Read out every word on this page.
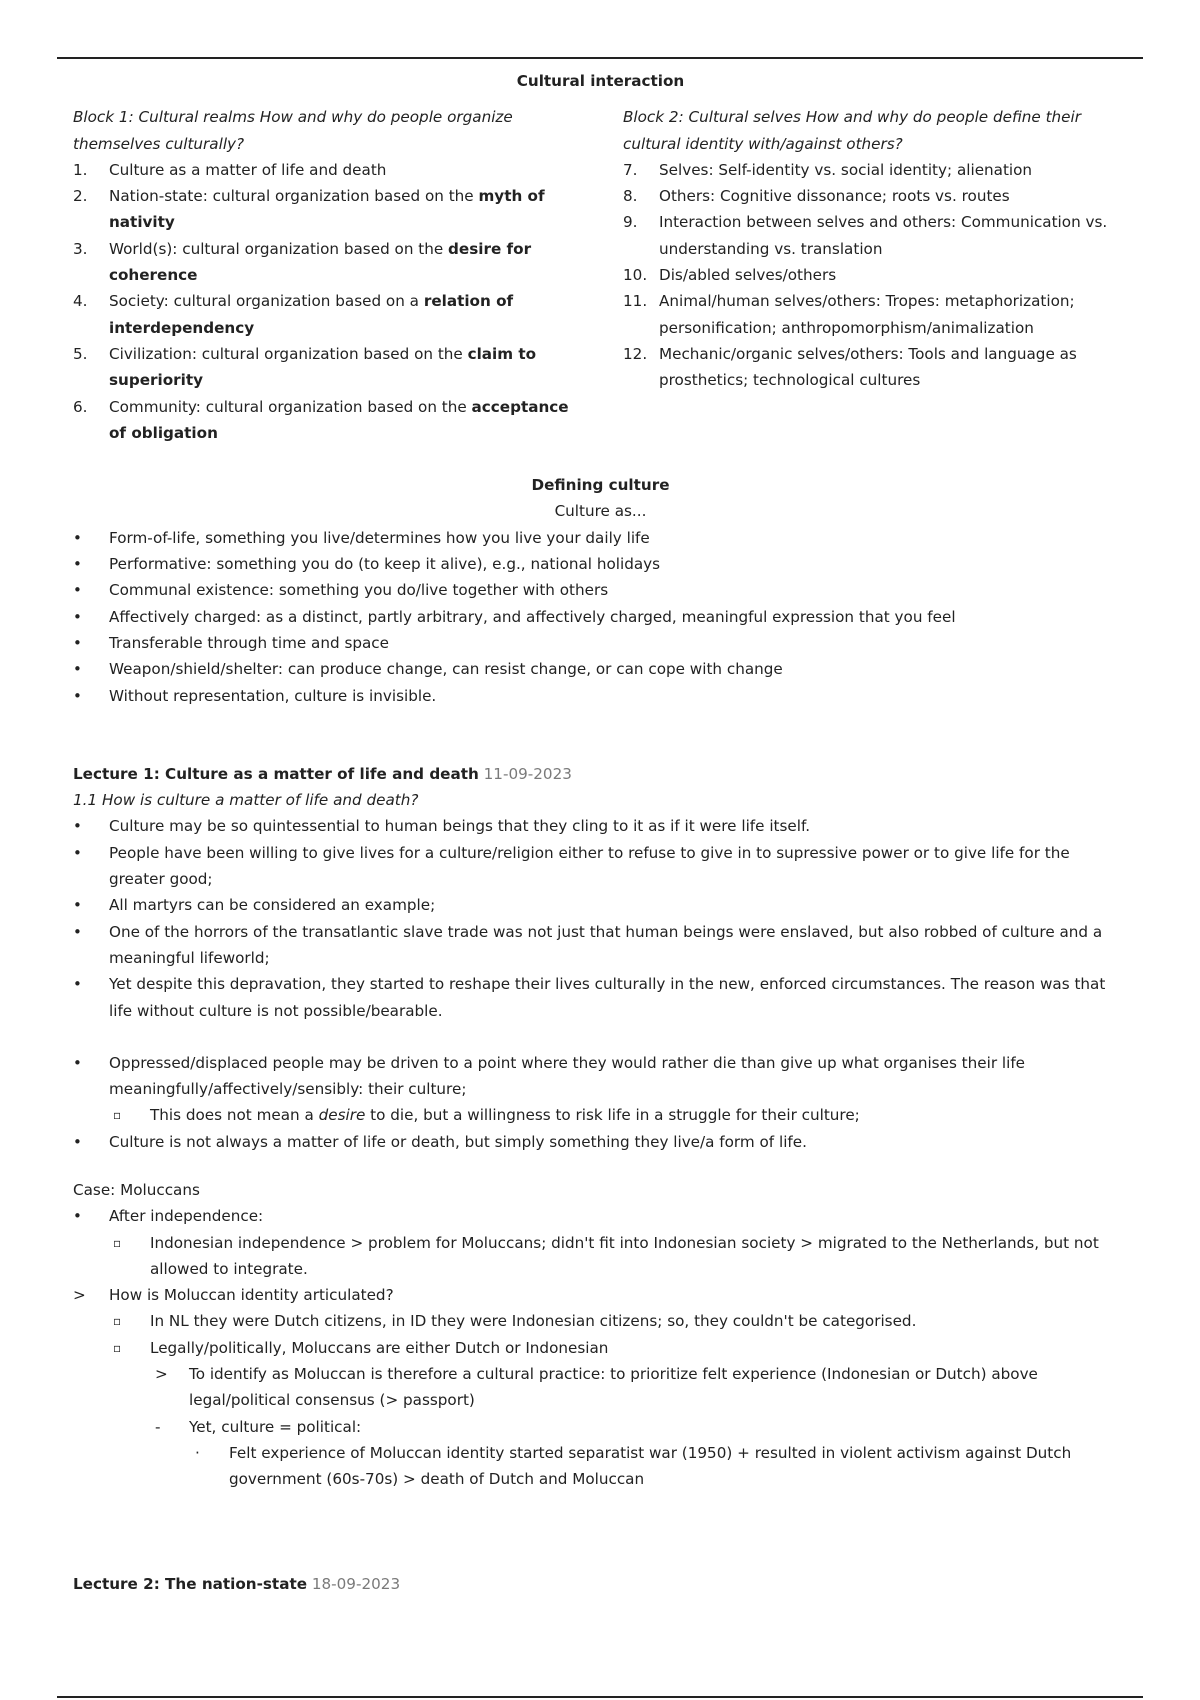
Cultural interaction
Block 1: Cultural realms How and why do people organize themselves culturally?
1. Culture as a matter of life and death
2. Nation-state: cultural organization based on the myth of nativity
3. World(s): cultural organization based on the desire for coherence
4. Society: cultural organization based on a relation of interdependency
5. Civilization: cultural organization based on the claim to superiority
6. Community: cultural organization based on the acceptance of obligation
Block 2: Cultural selves How and why do people define their cultural identity with/against others?
7. Selves: Self-identity vs. social identity; alienation
8. Others: Cognitive dissonance; roots vs. routes
9. Interaction between selves and others: Communication vs. understanding vs. translation
10. Dis/abled selves/others
11. Animal/human selves/others: Tropes: metaphorization; personification; anthropomorphism/animalization
12. Mechanic/organic selves/others: Tools and language as prosthetics; technological cultures
Defining culture
Culture as...
• Form-of-life, something you live/determines how you live your daily life
• Performative: something you do (to keep it alive), e.g., national holidays
• Communal existence: something you do/live together with others
• Affectively charged: as a distinct, partly arbitrary, and affectively charged, meaningful expression that you feel
• Transferable through time and space
• Weapon/shield/shelter: can produce change, can resist change, or can cope with change
• Without representation, culture is invisible.
Lecture 1: Culture as a matter of life and death 11-09-2023
1.1 How is culture a matter of life and death?
• Culture may be so quintessential to human beings that they cling to it as if it were life itself.
• People have been willing to give lives for a culture/religion either to refuse to give in to supressive power or to give life for the greater good;
• All martyrs can be considered an example;
• One of the horrors of the transatlantic slave trade was not just that human beings were enslaved, but also robbed of culture and a meaningful lifeworld;
• Yet despite this depravation, they started to reshape their lives culturally in the new, enforced circumstances. The reason was that life without culture is not possible/bearable.
• Oppressed/displaced people may be driven to a point where they would rather die than give up what organises their life meaningfully/affectively/sensibly: their culture;
▫ This does not mean a desire to die, but a willingness to risk life in a struggle for their culture;
• Culture is not always a matter of life or death, but simply something they live/a form of life.
Case: Moluccans
• After independence:
▫ Indonesian independence > problem for Moluccans; didn't fit into Indonesian society > migrated to the Netherlands, but not allowed to integrate.
> How is Moluccan identity articulated?
▫ In NL they were Dutch citizens, in ID they were Indonesian citizens; so, they couldn't be categorised.
▫ Legally/politically, Moluccans are either Dutch or Indonesian
> To identify as Moluccan is therefore a cultural practice: to prioritize felt experience (Indonesian or Dutch) above legal/political consensus (> passport)
- Yet, culture = political:
· Felt experience of Moluccan identity started separatist war (1950) + resulted in violent activism against Dutch government (60s-70s) > death of Dutch and Moluccan
Lecture 2: The nation-state 18-09-2023
